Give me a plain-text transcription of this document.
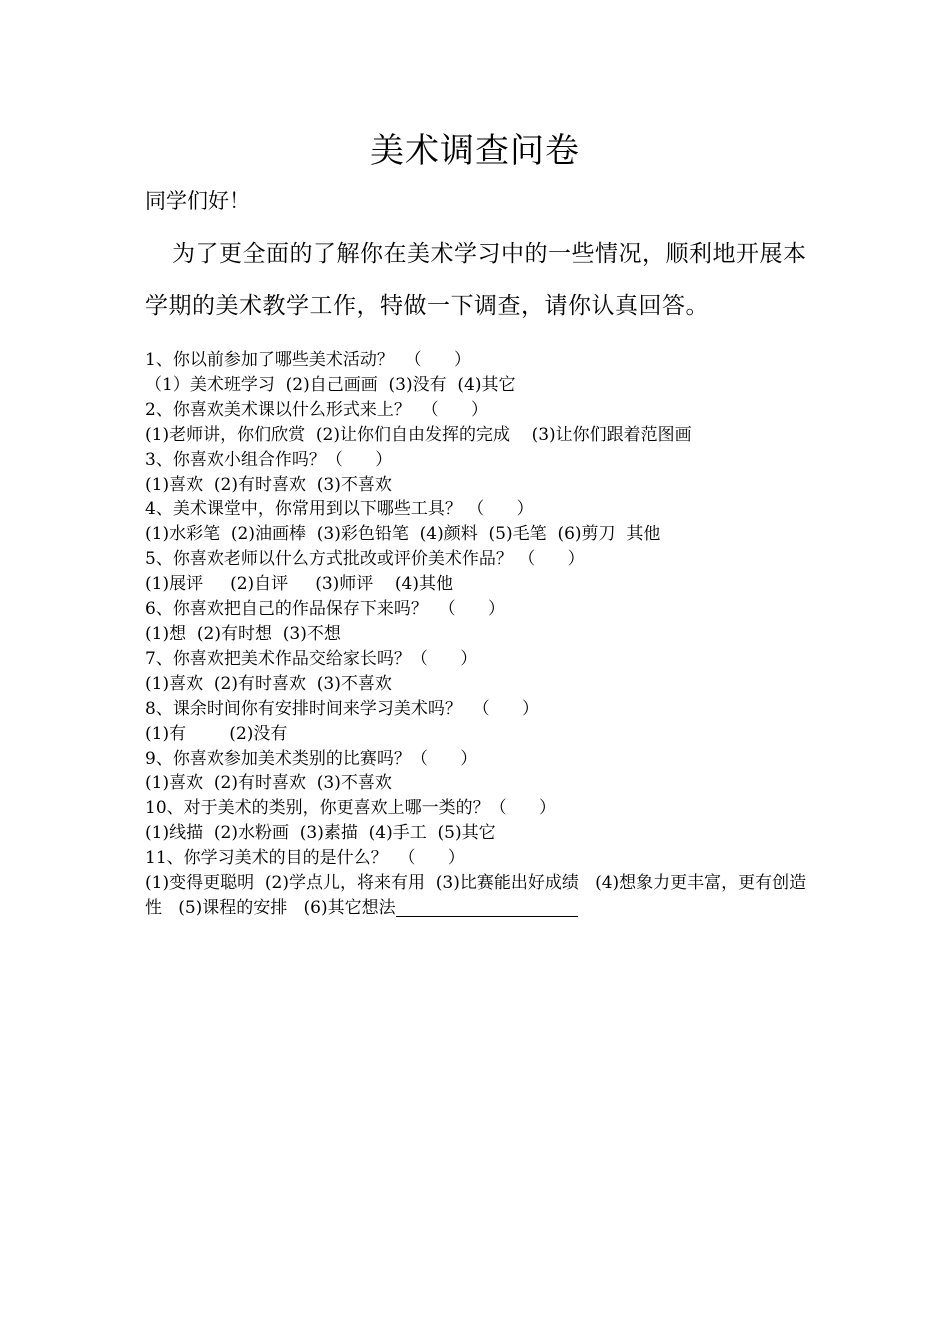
美术调查问卷
同学们好！
为了更全面的了解你在美术学习中的一些情况，顺利地开展本学期的美术教学工作，特做一下调查，请你认真回答。
1、你以前参加了哪些美术活动？  （      ）
（1）美术班学习  (2)自己画画  (3)没有  (4)其它
2、你喜欢美术课以什么形式来上？  （      ）
(1)老师讲，你们欣赏  (2)让你们自由发挥的完成    (3)让你们跟着范图画
3、你喜欢小组合作吗？（      ）
(1)喜欢  (2)有时喜欢  (3)不喜欢
4、美术课堂中，你常用到以下哪些工具？ （      ）
(1)水彩笔  (2)油画棒  (3)彩色铅笔  (4)颜料  (5)毛笔  (6)剪刀  其他
5、你喜欢老师以什么方式批改或评价美术作品？ （      ）
(1)展评     (2)自评     (3)师评    (4)其他
6、你喜欢把自己的作品保存下来吗？  （      ）
(1)想  (2)有时想  (3)不想
7、你喜欢把美术作品交给家长吗？（      ）
(1)喜欢  (2)有时喜欢  (3)不喜欢
8、课余时间你有安排时间来学习美术吗？  （      ）
(1)有        (2)没有
9、你喜欢参加美术类别的比赛吗？（      ）
(1)喜欢  (2)有时喜欢  (3)不喜欢
10、对于美术的类别，你更喜欢上哪一类的？（      ）
(1)线描  (2)水粉画  (3)素描  (4)手工  (5)其它
11、你学习美术的目的是什么？  （      ）
(1)变得更聪明  (2)学点儿，将来有用  (3)比赛能出好成绩   (4)想象力更丰富，更有创造性   (5)课程的安排   (6)其它想法
